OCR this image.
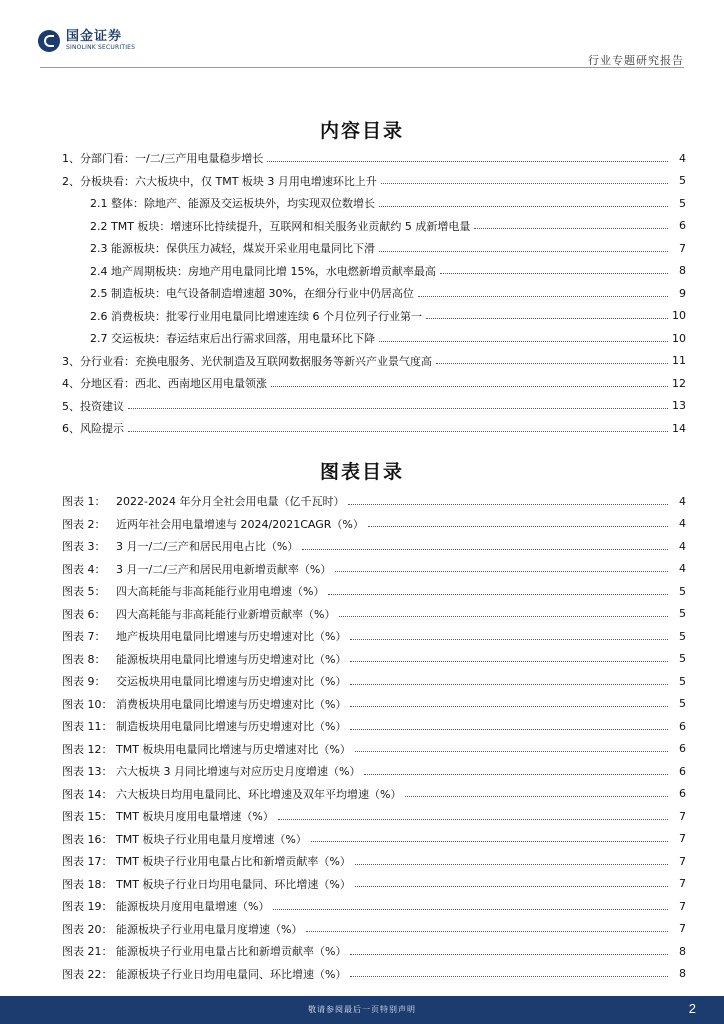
国金证券
SINOLINK SECURITIES
行业专题研究报告
内容目录
1、分部门看：一/二/三产用电量稳步增长	4
2、分板块看：六大板块中，仅 TMT 板块 3 月用电增速环比上升	5
2.1 整体：除地产、能源及交运板块外，均实现双位数增长	5
2.2 TMT 板块：增速环比持续提升，互联网和相关服务业贡献约 5 成新增电量	6
2.3 能源板块：保供压力减轻，煤炭开采业用电量同比下滑	7
2.4 地产周期板块：房地产用电量同比增 15%，水电燃新增贡献率最高	8
2.5 制造板块：电气设备制造增速超 30%，在细分行业中仍居高位	9
2.6 消费板块：批零行业用电量同比增速连续 6 个月位列子行业第一	10
2.7 交运板块：春运结束后出行需求回落，用电量环比下降	10
3、分行业看：充换电服务、光伏制造及互联网数据服务等新兴产业景气度高	11
4、分地区看：西北、西南地区用电量领涨	12
5、投资建议	13
6、风险提示	14
图表目录
图表 1： 2022-2024 年分月全社会用电量（亿千瓦时）	4
图表 2： 近两年社会用电量增速与 2024/2021CAGR（%）	4
图表 3： 3 月一/二/三产和居民用电占比（%）	4
图表 4： 3 月一/二/三产和居民用电新增贡献率（%）	4
图表 5： 四大高耗能与非高耗能行业用电增速（%）	5
图表 6： 四大高耗能与非高耗能行业新增贡献率（%）	5
图表 7： 地产板块用电量同比增速与历史增速对比（%）	5
图表 8： 能源板块用电量同比增速与历史增速对比（%）	5
图表 9： 交运板块用电量同比增速与历史增速对比（%）	5
图表 10： 消费板块用电量同比增速与历史增速对比（%）	5
图表 11： 制造板块用电量同比增速与历史增速对比（%）	6
图表 12： TMT 板块用电量同比增速与历史增速对比（%）	6
图表 13： 六大板块 3 月同比增速与对应历史月度增速（%）	6
图表 14： 六大板块日均用电量同比、环比增速及双年平均增速（%）	6
图表 15： TMT 板块月度用电量增速（%）	7
图表 16： TMT 板块子行业用电量月度增速（%）	7
图表 17： TMT 板块子行业用电量占比和新增贡献率（%）	7
图表 18： TMT 板块子行业日均用电量同、环比增速（%）	7
图表 19： 能源板块月度用电量增速（%）	7
图表 20： 能源板块子行业用电量月度增速（%）	7
图表 21： 能源板块子行业用电量占比和新增贡献率（%）	8
图表 22： 能源板块子行业日均用电量同、环比增速（%）	8
敬请参阅最后一页特别声明	2
